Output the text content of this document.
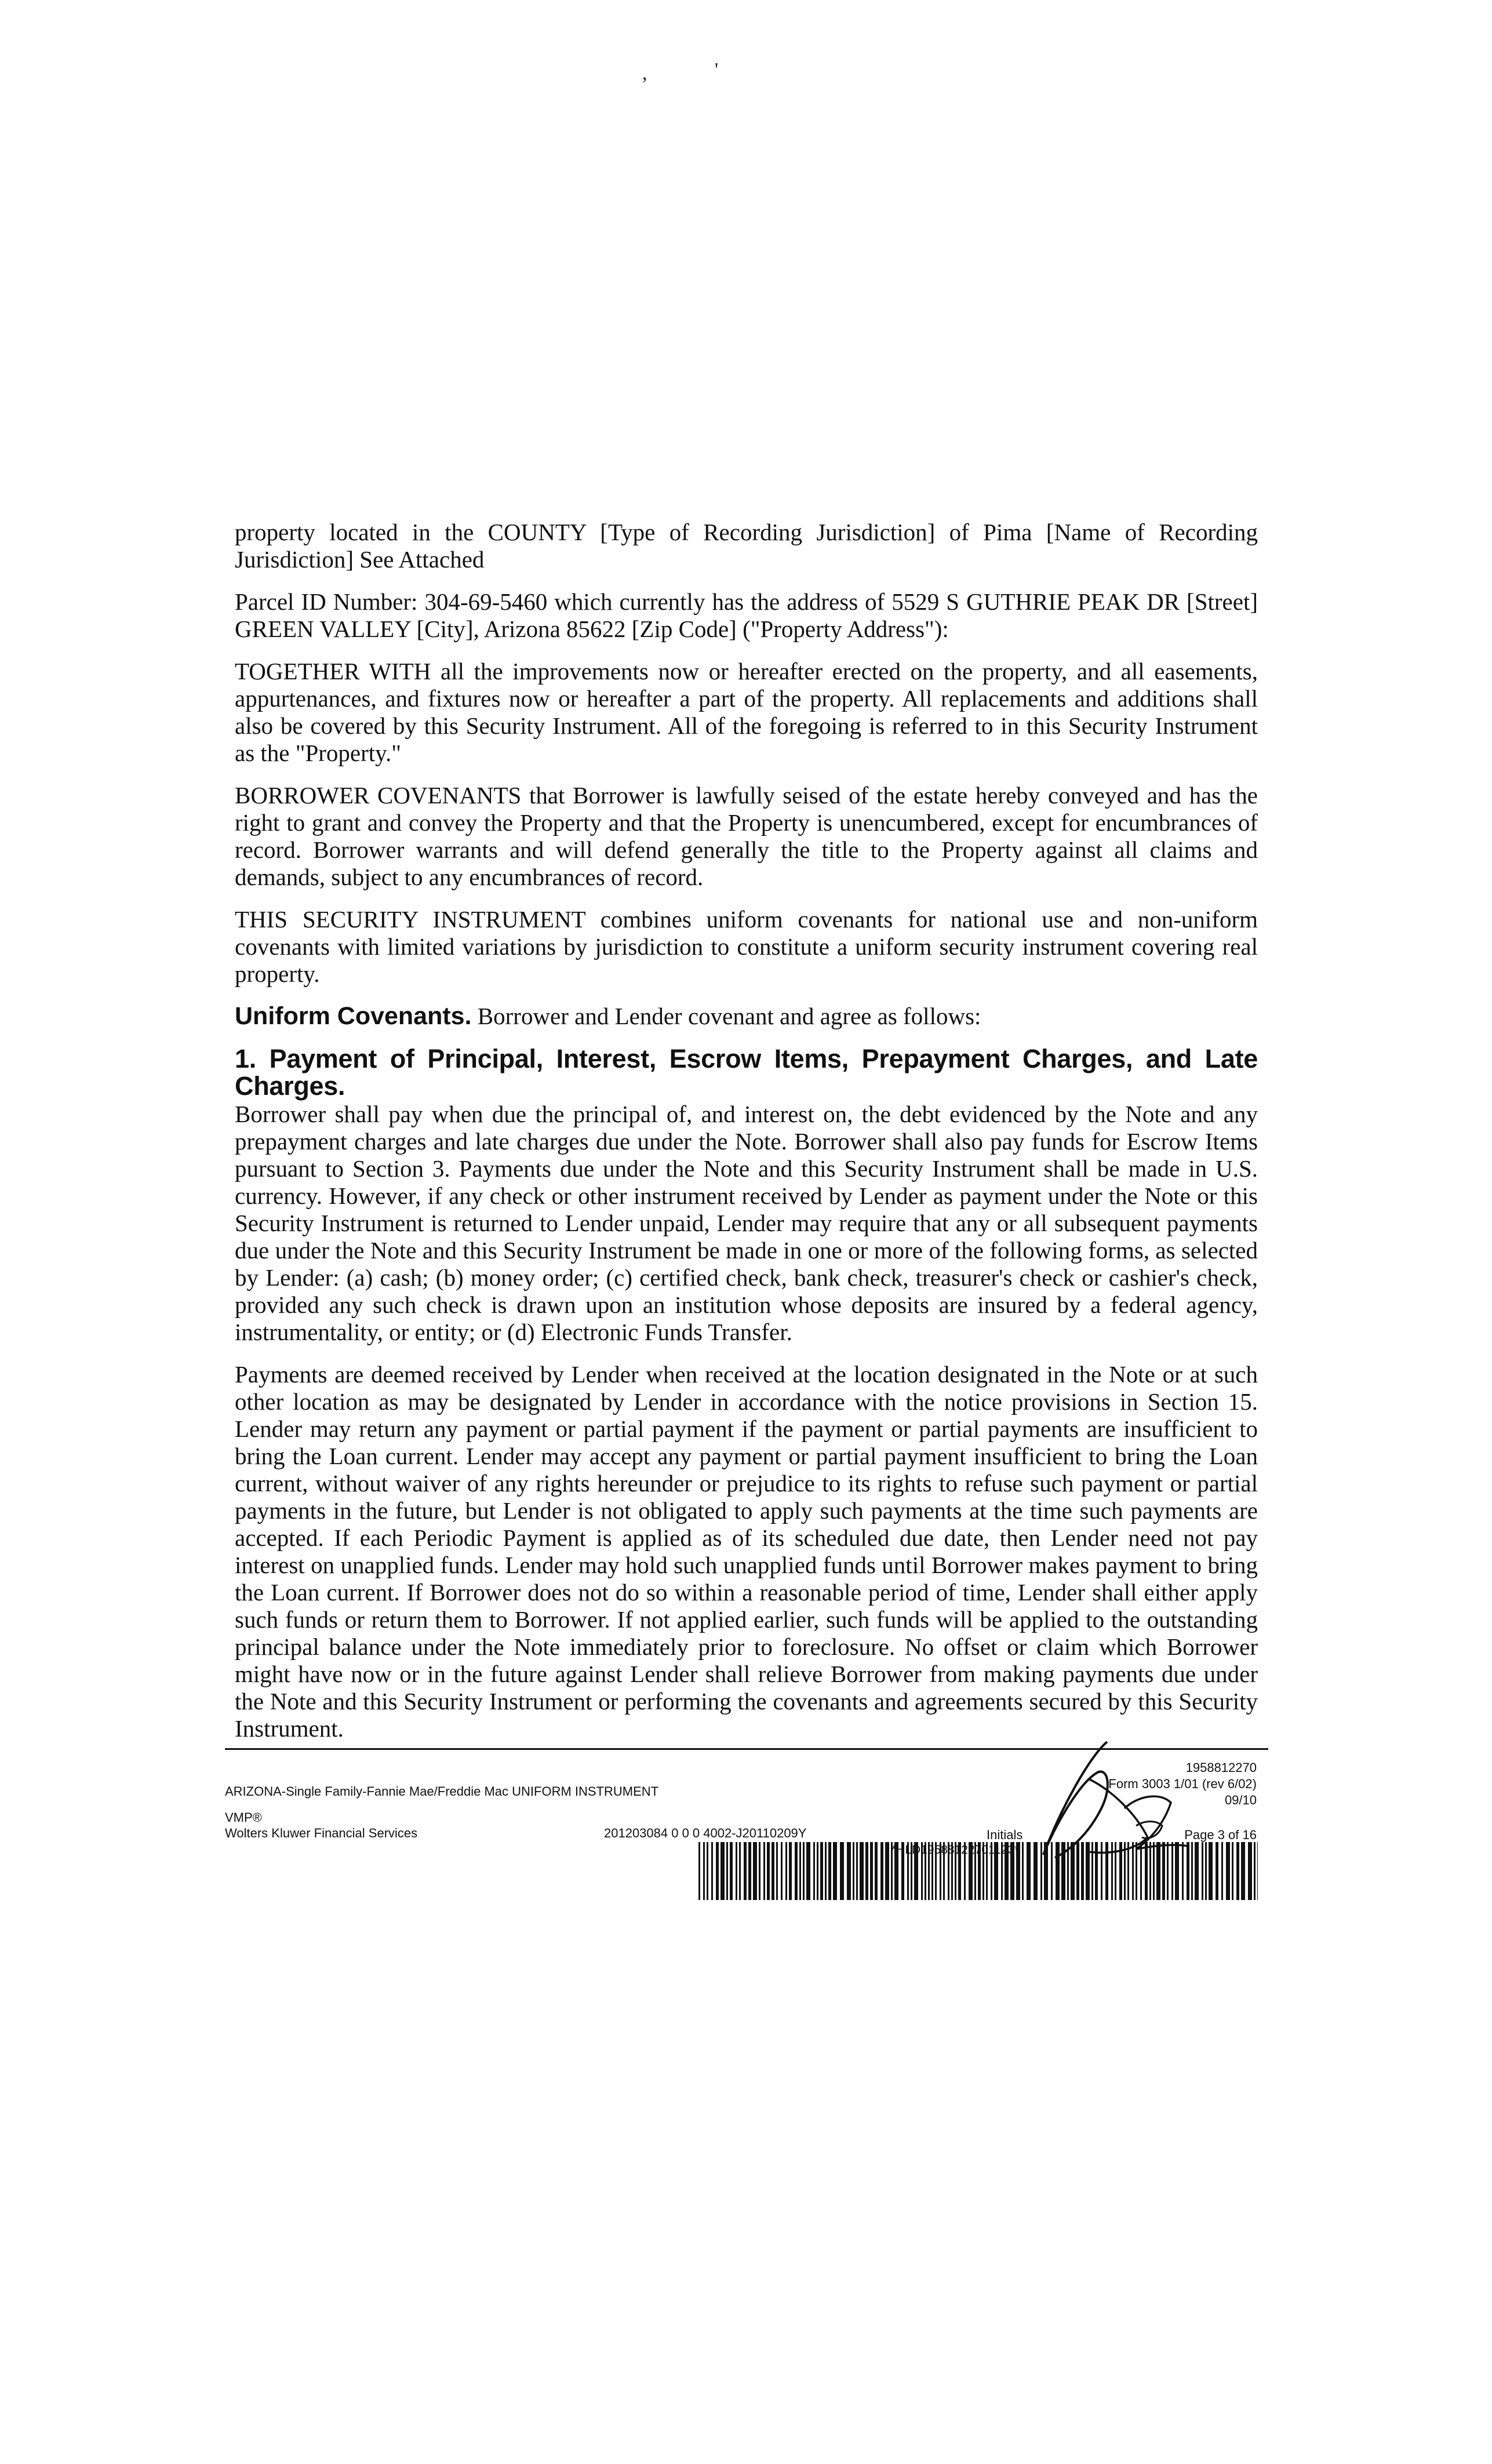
,	'

property located in the COUNTY [Type of Recording Jurisdiction] of Pima [Name of Recording Jurisdiction] See Attached

Parcel ID Number: 304-69-5460 which currently has the address of 5529 S GUTHRIE PEAK DR [Street] GREEN VALLEY [City], Arizona 85622 [Zip Code] ("Property Address"):

TOGETHER WITH all the improvements now or hereafter erected on the property, and all easements, appurtenances, and fixtures now or hereafter a part of the property. All replacements and additions shall also be covered by this Security Instrument. All of the foregoing is referred to in this Security Instrument as the "Property."

BORROWER COVENANTS that Borrower is lawfully seised of the estate hereby conveyed and has the right to grant and convey the Property and that the Property is unencumbered, except for encumbrances of record. Borrower warrants and will defend generally the title to the Property against all claims and demands, subject to any encumbrances of record.

THIS SECURITY INSTRUMENT combines uniform covenants for national use and non-uniform covenants with limited variations by jurisdiction to constitute a uniform security instrument covering real property.

Uniform Covenants. Borrower and Lender covenant and agree as follows:

1. Payment of Principal, Interest, Escrow Items, Prepayment Charges, and Late Charges.
Borrower shall pay when due the principal of, and interest on, the debt evidenced by the Note and any prepayment charges and late charges due under the Note. Borrower shall also pay funds for Escrow Items pursuant to Section 3. Payments due under the Note and this Security Instrument shall be made in U.S. currency. However, if any check or other instrument received by Lender as payment under the Note or this Security Instrument is returned to Lender unpaid, Lender may require that any or all subsequent payments due under the Note and this Security Instrument be made in one or more of the following forms, as selected by Lender: (a) cash; (b) money order; (c) certified check, bank check, treasurer's check or cashier's check, provided any such check is drawn upon an institution whose deposits are insured by a federal agency, instrumentality, or entity; or (d) Electronic Funds Transfer.

Payments are deemed received by Lender when received at the location designated in the Note or at such other location as may be designated by Lender in accordance with the notice provisions in Section 15. Lender may return any payment or partial payment if the payment or partial payments are insufficient to bring the Loan current. Lender may accept any payment or partial payment insufficient to bring the Loan current, without waiver of any rights hereunder or prejudice to its rights to refuse such payment or partial payments in the future, but Lender is not obligated to apply such payments at the time such payments are accepted. If each Periodic Payment is applied as of its scheduled due date, then Lender need not pay interest on unapplied funds. Lender may hold such unapplied funds until Borrower makes payment to bring the Loan current. If Borrower does not do so within a reasonable period of time, Lender shall either apply such funds or return them to Borrower. If not applied earlier, such funds will be applied to the outstanding principal balance under the Note immediately prior to foreclosure. No offset or claim which Borrower might have now or in the future against Lender shall relieve Borrower from making payments due under the Note and this Security Instrument or performing the covenants and agreements secured by this Security Instrument.

ARIZONA-Single Family-Fannie Mae/Freddie Mac UNIFORM INSTRUMENT
VMP®
Wolters Kluwer Financial Services	201203084 0 0 0 4002-J20110209Y
1958812270
Form 3003 1/01 (rev 6/02)
09/10
Initials	Page 3 of 16
